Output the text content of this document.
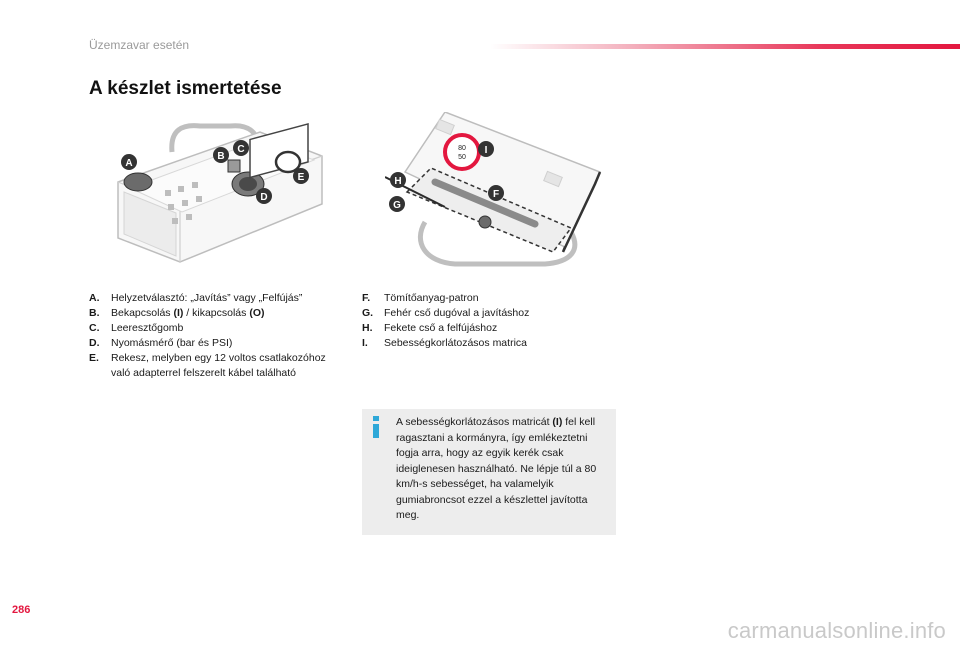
Üzemzavar esetén
A készlet ismertetése
A
B
C
D
E
80
50
I
H
F
G
A.	Helyzetválasztó: „Javítás” vagy „Felfújás”
B.	Bekapcsolás (I) / kikapcsolás (O)
C.	Leeresztőgomb
D.	Nyomásmérő (bar és PSI)
E.	Rekesz, melyben egy 12 voltos csatlakozóhoz való adapterrel felszerelt kábel található
F.	Tömítőanyag-patron
G.	Fehér cső dugóval a javításhoz
H.	Fekete cső a felfújáshoz
I.	Sebességkorlátozásos matrica
A sebességkorlátozásos matricát (I) fel kell ragasztani a kormányra, így emlékeztetni fogja arra, hogy az egyik kerék csak ideiglenesen használható. Ne lépje túl a 80 km/h-s sebességet, ha valamelyik gumiabroncsot ezzel a készlettel javította meg.
286
carmanualsonline.info
